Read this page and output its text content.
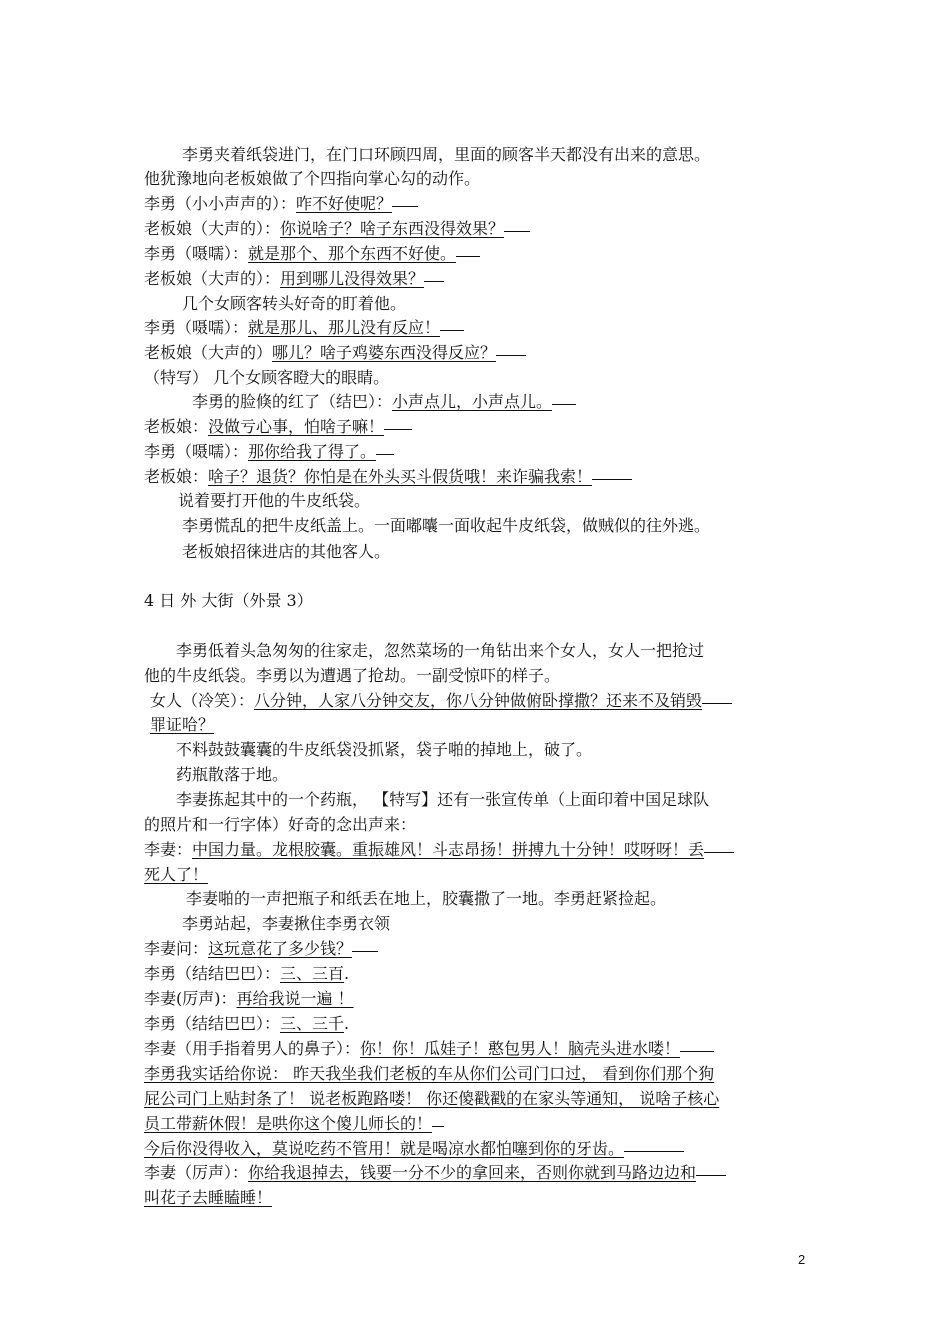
李勇夹着纸袋进门，在门口环顾四周，里面的顾客半天都没有出来的意思。
他犹豫地向老板娘做了个四指向掌心勾的动作。
李勇（小小声声的）：咋不好使呢？
老板娘（大声的）：你说啥子？啥子东西没得效果？
李勇（嗫嚅）：就是那个、那个东西不好使。
老板娘（大声的）：用到哪儿没得效果？
几个女顾客转头好奇的盯着他。
李勇（嗫嚅）：就是那儿、那儿没有反应！
老板娘（大声的）哪儿？啥子鸡婆东西没得反应？
（特写） 几个女顾客瞪大的眼睛。
李勇的脸倏的红了（结巴）：小声点儿，小声点儿。
老板娘：没做亏心事，怕啥子嘛！
李勇（嗫嚅）：那你给我了得了。
老板娘：啥子？退货？你怕是在外头买斗假货哦！来诈骗我索！
说着要打开他的牛皮纸袋。
李勇慌乱的把牛皮纸盖上。一面嘟囔一面收起牛皮纸袋，做贼似的往外逃。
老板娘招徕进店的其他客人。
4 日 外 大街（外景 3）
李勇低着头急匆匆的往家走，忽然菜场的一角钻出来个女人，女人一把抢过
他的牛皮纸袋。李勇以为遭遇了抢劫。一副受惊吓的样子。
女人（冷笑）：八分钟，人家八分钟交友，你八分钟做俯卧撑撒？还来不及销毁
罪证哈？
不料鼓鼓囊囊的牛皮纸袋没抓紧，袋子啪的掉地上，破了。
药瓶散落于地。
李妻拣起其中的一个药瓶， 【特写】还有一张宣传单（上面印着中国足球队
的照片和一行字体）好奇的念出声来：
李妻：中国力量。龙根胶囊。重振雄风！斗志昂扬！拼搏九十分钟！哎呀呀！丢
死人了！
李妻啪的一声把瓶子和纸丢在地上，胶囊撒了一地。李勇赶紧捡起。
李勇站起，李妻揪住李勇衣领
李妻问：这玩意花了多少钱？
李勇（结结巴巴）：三、三百.
李妻(厉声)：再给我说一遍 ！
李勇（结结巴巴）：三、三千.
李妻（用手指着男人的鼻子）：你！你！瓜娃子！憨包男人！脑壳头进水喽！
李勇我实话给你说： 昨天我坐我们老板的车从你们公司门口过， 看到你们那个狗
屁公司门上贴封条了！ 说老板跑路喽！ 你还傻戳戳的在家头等通知， 说啥子核心
员工带薪休假！是哄你这个傻儿师长的！
今后你没得收入，莫说吃药不管用！就是喝凉水都怕噻到你的牙齿。
李妻（厉声）：你给我退掉去，钱要一分不少的拿回来，否则你就到马路边边和
叫花子去睡瞌睡！
2
